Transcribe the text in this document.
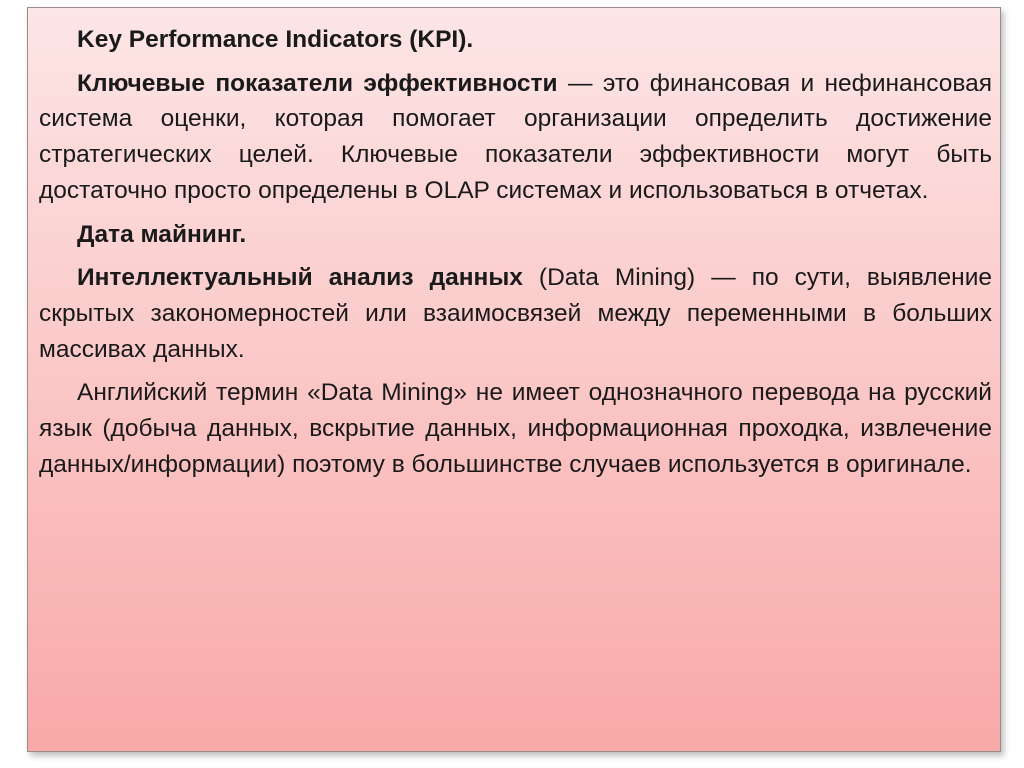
Key Performance Indicators (KPI).

Ключевые показатели эффективности — это финансовая и нефинансовая система оценки, которая помогает организации определить достижение стратегических целей. Ключевые показатели эффективности могут быть достаточно просто определены в OLAP системах и использоваться в отчетах.

Дата майнинг.

Интеллектуальный анализ данных (Data Mining) — по сути, выявление скрытых закономерностей или взаимосвязей между переменными в больших массивах данных.

Английский термин «Data Mining» не имеет однозначного перевода на русский язык (добыча данных, вскрытие данных, информационная проходка, извлечение данных/информации) поэтому в большинстве случаев используется в оригинале.
